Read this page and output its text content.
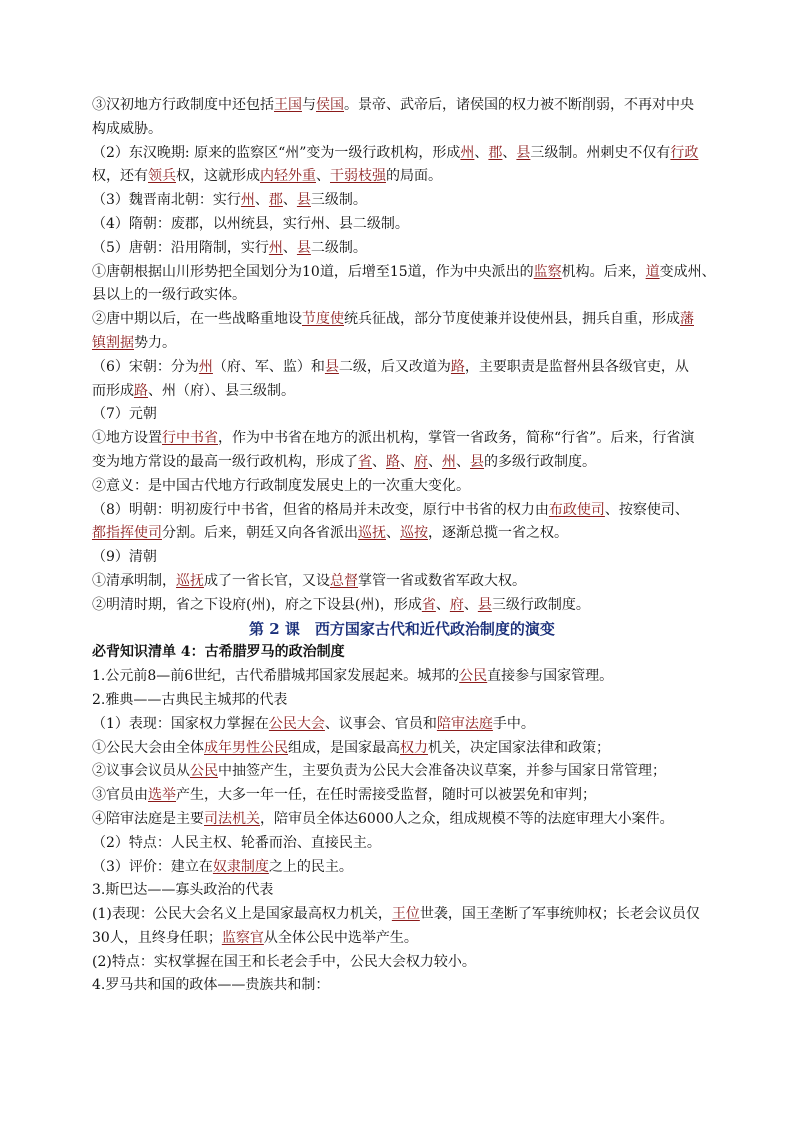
③汉初地方行政制度中还包括王国与侯国。景帝、武帝后，诸侯国的权力被不断削弱，不再对中央
构成威胁。
（2）东汉晚期: 原来的监察区“州”变为一级行政机构，形成州、郡、县三级制。州刺史不仅有行政
权，还有领兵权，这就形成内轻外重、干弱枝强的局面。
（3）魏晋南北朝：实行州、郡、县三级制。
（4）隋朝：废郡，以州统县，实行州、县二级制。
（5）唐朝：沿用隋制，实行州、县二级制。
①唐朝根据山川形势把全国划分为10道，后增至15道，作为中央派出的监察机构。后来，道变成州、
县以上的一级行政实体。
②唐中期以后，在一些战略重地设节度使统兵征战，部分节度使兼并设使州县，拥兵自重，形成藩
镇割据势力。
（6）宋朝：分为州（府、军、监）和县二级，后又改道为路，主要职责是监督州县各级官吏，从
而形成路、州（府）、县三级制。
（7）元朝
①地方设置行中书省，作为中书省在地方的派出机构，掌管一省政务，简称“行省”。后来，行省演
变为地方常设的最高一级行政机构，形成了省、路、府、州、县的多级行政制度。
②意义：是中国古代地方行政制度发展史上的一次重大变化。
（8）明朝：明初废行中书省，但省的格局并未改变，原行中书省的权力由布政使司、按察使司、
都指挥使司分割。后来，朝廷又向各省派出巡抚、巡按，逐渐总揽一省之权。
（9）清朝
①清承明制，巡抚成了一省长官，又设总督掌管一省或数省军政大权。
②明清时期，省之下设府(州)，府之下设县(州)，形成省、府、县三级行政制度。
第 2 课　西方国家古代和近代政治制度的演变
必背知识清单 4：古希腊罗马的政治制度
1.公元前8—前6世纪，古代希腊城邦国家发展起来。城邦的公民直接参与国家管理。
2.雅典——古典民主城邦的代表
（1）表现：国家权力掌握在公民大会、议事会、官员和陪审法庭手中。
①公民大会由全体成年男性公民组成，是国家最高权力机关，决定国家法律和政策；
②议事会议员从公民中抽签产生，主要负责为公民大会准备决议草案，并参与国家日常管理；
③官员由选举产生，大多一年一任，在任时需接受监督，随时可以被罢免和审判；
④陪审法庭是主要司法机关，陪审员全体达6000人之众，组成规模不等的法庭审理大小案件。
（2）特点：人民主权、轮番而治、直接民主。
（3）评价：建立在奴隶制度之上的民主。
3.斯巴达——寡头政治的代表
(1)表现：公民大会名义上是国家最高权力机关，王位世袭，国王垄断了军事统帅权；长老会议员仅
30人，且终身任职；监察官从全体公民中选举产生。
(2)特点：实权掌握在国王和长老会手中，公民大会权力较小。
4.罗马共和国的政体——贵族共和制：
